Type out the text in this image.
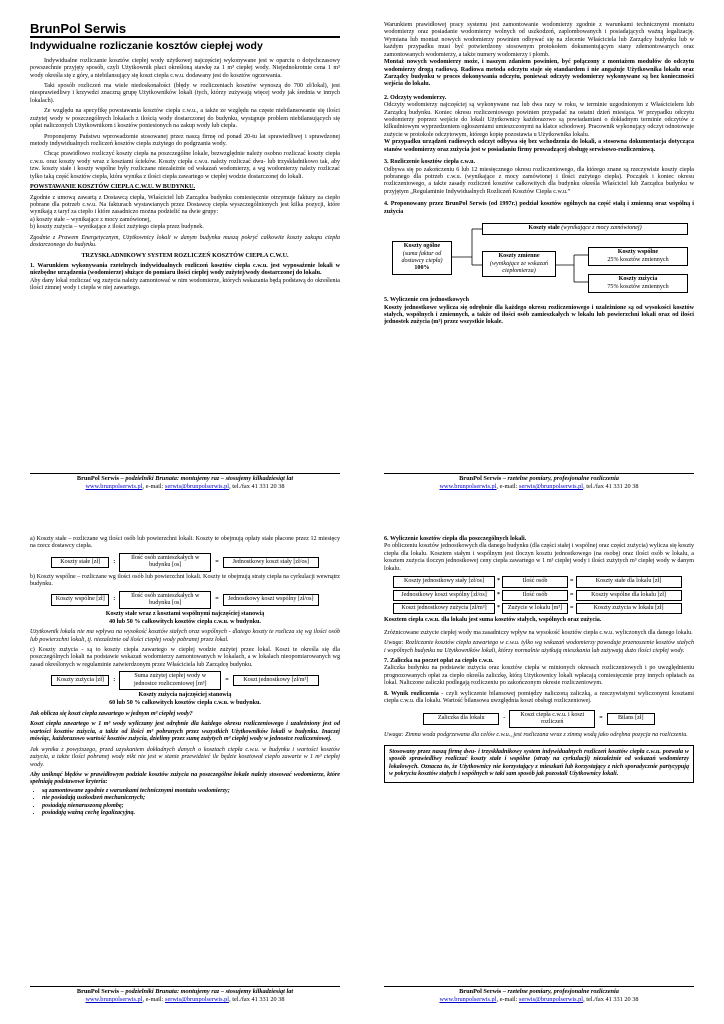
BrunPol Serwis
Indywidualne rozliczanie kosztów ciepłej wody

Indywidualne rozliczanie kosztów ciepłej wody użytkowej najczęściej wykonywane jest w oparciu o dotychczasowy powszechnie przyjęty sposób, czyli Użytkownik płaci określoną stawkę za 1 m³ ciepłej wody. Niejednokrotnie cena 1 m³ wody określa się z góry, a niebilansujący się koszt ciepła c.w.u. dodawany jest do kosztów ogrzewania.

Taki sposób rozliczeń ma wiele niedoskonałości (błędy w rozliczeniach kosztów wynoszą do 700 zł/lokal), jest niesprawiedliwy i krzywdzi znaczną grupę Użytkowników lokali (tych, którzy zużywają więcej wody jak średnia w innych lokalach).

Ze względu na specyfikę powstawania kosztów ciepła c.w.u., a także ze względu na częste niebilansowanie się ilości zużytej wody w poszczególnych lokalach z ilością wody dostarczonej do budynku, wystąpuje problem niebilansujących się opłat naliczonych Użytkownikom i kosztów poniesionych na zakup wody lub ciepła.

Proponujemy Państwu wprowadzenie stosowanej przez naszą firmę od ponad 20-tu lat sprawiedliwej i sprawdzonej metody indywidualnych rozliczeń kosztów ciepła zużytego do podgrzania wody.

Chcąc prawidłowo rozliczyć koszty ciepła na poszczególne lokale, bezwzględnie należy osobno rozliczać koszty ciepła c.w.u. oraz koszty wody wraz z kosztami ścieków. Koszty ciepła c.w.u. należy rozliczać dwu- lub trzyskładnikowo tak, aby tzw. koszty stałe i koszty wspólne były rozliczane niezależnie od wskazań wodomierzy, a wg wodomierzy należy rozliczać tylko taką część kosztów ciepła, która wynika z ilości ciepła zawartego w ciepłej wodzie dostarczonej do lokali.

POWSTAWANIE KOSZTÓW CIEPŁA C.W.U. W BUDYNKU.

Zgodnie z umową zawartą z Dostawcą ciepła, Właściciel lub Zarządca budynku comiesięcznie otrzymuje faktury za ciepło pobrane dla potrzeb c.w.u. Na fakturach wystawianych przez Dostawcę ciepła wyszczególnionych jest kilka pozycji, które wynikają z taryf za ciepło i które zasadniczo można podzielić na dwie grupy:

a) koszty stałe – wynikające z mocy zamówionej,
b) koszty zużycia – wynikające z ilości zużytego ciepła przez budynek.

Zgodnie z Prawem Energetycznym, Użytkownicy lokali w danym budynku muszą pokryć całkowite koszty zakupu ciepła dostarczonego do budynku.

TRZYSKŁADNIKOWY SYSTEM ROZLICZEŃ KOSZTÓW CIEPŁA C.W.U.

1. Warunkiem wykonywania rzetelnych indywidualnych rozliczeń kosztów ciepła c.w.u. jest wyposażenie lokali w niezbędne urządzenia (wodomierze) służące do pomiaru ilości ciepłej wody zużytej/wody dostarczonej do lokalu.

Aby dany lokal rozliczać wg zużycia należy zamontować w nim wodomierze, których wskazania będą podstawą do określenia ilości zimnej wody i ciepła w niej zawartego.

Warunkiem prawidłowej pracy systemu jest zamontowanie wodomierzy zgodnie z warunkami technicznymi montażu wodomierzy oraz posiadanie wodomierzy wolnych od uszkodzeń, zaplombowanych i posiadających ważną legalizację. Wymiana lub montaż nowych wodomierzy powinien odbywać się na zlecenie Właściciela lub Zarządcy budynku lub w każdym przypadku musi być potwierdzony stosownym protokołem dokumentującym stany zdemontowanych oraz zamontowanych wodomierzy, a także numery wodomierzy i plomb.

Montaż nowych wodomierzy może, i naszym zdaniem powinien, być połączony z montażem modułów do odczytu wodomierzy drogą radiową. Radiowa metoda odczytu staje się standardem i nie angażuje Użytkownika lokalu oraz Zarządcy budynku w proces dokonywania odczytu, ponieważ odczyty wodomierzy wykonywane są bez konieczności wejścia do lokalu.

2. Odczyty wodomierzy.

Odczyty wodomierzy najczęściej są wykonywane raz lub dwa razy w roku, w terminie uzgodnionym z Właścicielem lub Zarządcą budynku. Koniec okresu rozliczeniowego powinien przypadać na ostatni dzień miesiąca. W przypadku odczytu wodomierzy poprzez wejście do lokali Użytkownicy każdorazowo są powiadamiani o dokładnym terminie odczytów z kilkudniowym wyprzedzeniem ogłoszeniami umieszczonymi na klatce schodowej. Pracownik wykonujący odczyt odnotowuje zużycie w protokole odczytowym, którego kopię pozostawia u Użytkownika lokalu.

W przypadku urządzeń radiowych odczyt odbywa się bez wchodzenia do lokali, a stosowna dokumentacja dotycząca stanów wodomierzy oraz zużycia jest w posiadaniu firmy prowadzącej obsługę serwisowo-rozliczeniową.

3. Rozliczenie kosztów ciepła c.w.u.

Odbywa się po zakończeniu 6 lub 12 miesięcznego okresu rozliczeniowego, dla którego znane są rzeczywiste koszty ciepła pobranego dla potrzeb c.w.u. (wynikające z mocy zamówionej i ilości zużytego ciepła). Początek i koniec okresu rozliczeniowego, a także zasady rozliczeń kosztów całkowitych dla budynku określa Właściciel lub Zarządca budynku w przyjętym „Regulaminie Indywidualnych Rozliczeń Kosztów Ciepła c.w.u.”

4. Proponowany przez BrunPol Serwis (od 1997r.) podział kosztów ogólnych na część stałą i zmienną oraz wspólną i zużycia

Koszty ogólne
(suma faktur od dostawcy ciepła)
100%
Koszty stałe (wynikające z mocy zamówionej)
Koszty zmienne
(wynikające ze wskazań ciepłomierza)
Koszty wspólne
25% kosztów zmiennych
Koszty zużycia
75% kosztów zmiennych

5. Wyliczenie cen jednostkowych

Koszty jednostkowe wylicza się odrębnie dla każdego okresu rozliczeniowego i uzależnione są od wysokości kosztów stałych, wspólnych i zmiennych, a także od ilości osób zamieszkałych w lokalu lub powierzchni lokali oraz od ilości jednostek zużycia (m³) przez wszystkie lokale.

BrunPol Serwis – podzielniki Brunata: montujemy raz – stosujemy kilkadziesiąt lat
www.brunpolserwis.pl, e-mail: serwis@brunpolserwis.pl, tel./fax 41 331 20 38
BrunPol Serwis – rzetelne pomiary, profesjonalne rozliczenia
www.brunpolserwis.pl, e-mail: serwis@brunpolserwis.pl, tel./fax 41 331 20 38

a) Koszty stałe – rozliczane wg ilości osób lub powierzchni lokali. Koszty te obejmują opłaty stałe płacone przez 12 miesięcy na rzecz dostawcy ciepła.

Koszty stałe [zł]	:
Ilość osób zamieszkałych w budynku [os]
=	Jednostkowy koszt stały [zł/os]

b) Koszty wspólne – rozliczane wg ilości osób lub powierzchni lokali. Koszty te obejmują straty ciepła na cyrkulacji wewnątrz budynku.

Koszty wspólne [zł]	:
Ilość osób zamieszkałych w budynku [os]
=	Jednostkowy koszt wspólny [zł/os]
Koszty stałe wraz z kosztami wspólnymi najczęściej stanowią
40 lub 50 % całkowitych kosztów ciepła c.w.u. w budynku.

Użytkownik lokalu nie ma wpływu na wysokość kosztów stałych oraz wspólnych - dlatego koszty te rozlicza się wg ilości osób lub powierzchni lokali, tj. niezależnie od ilości ciepłej wody pobranej przez lokal.

c) Koszty zużycia - są to koszty ciepła zawartego w ciepłej wodzie zużytej przez lokal. Koszt te określa się dla poszczególnych lokali na podstawie wskazań wodomierzy zamontowanych w lokalach, a w lokalach nieopomiarowanych wg zasad określonych w regulaminie zatwierdzonym przez Właściciela lub Zarządcę budynku.

Koszty zużycia [zł]	:
Suma zużytej ciepłej wody w jednostce rozliczeniowej [m³]
=	Koszt jednostkowy [zł/m³]
Koszty zużycia najczęściej stanowią
60 lub 50 % całkowitych kosztów ciepła c.w.u. w budynku.

Jak oblicza się koszt ciepła zawartego w jednym m³ ciepłej wody?

Koszt ciepła zawartego w 1 m³ wody wyliczany jest odrębnie dla każdego okresu rozliczeniowego i uzależniony jest od wartości kosztów zużycia, a także od ilości m³ pobranych przez wszystkich Użytkowników lokali w budynku. Inaczej mówiąc, każdorazowo wartość kosztów zużycia, dzielimy przez sumę zużytych m³ ciepłej wody w jednostce rozliczeniowej.

Jak wynika z powyższego, przed uzyskaniem dokładnych danych o kosztach ciepła c.w.u. w budynku i wartości kosztów zużycia, a także ilości pobranej wody nikt nie jest w stanie przewidzieć ile będzie kosztował ciepło zawarte w 1 m³ ciepłej wody.

Aby uniknąć błędów w prawidłowym podziale kosztów zużycia na poszczególne lokale należy stosować wodomierze, które spełniają podstawowe kryteria:

• są zamontowane zgodnie z warunkami technicznymi montażu wodomierzy;
• nie posiadają uszkodzeń mechanicznych;
• posiadają nienaruszoną plombę;
• posiadają ważną cechę legalizacyjną.

6. Wyliczenie kosztów ciepła dla poszczególnych lokali.

Po obliczeniu kosztów jednostkowych dla danego budynku (dla części stałej i wspólnej oraz części zużycia) wylicza się koszty ciepła dla lokalu. Kosztem stałym i wspólnym jest iloczyn kosztu jednostkowego (na osobę) oraz ilości osób w lokalu, a kosztem zużycia iloczyn jednostkowej ceny ciepła zawartego w 1 m³ ciepłej wody i ilości zużytych m³ ciepłej wody w danym lokalu.

Koszty jednostkowy stały [zł/os]	*	Ilość osób	=	Koszty stałe dla lokalu [zł]

Jednostkowy koszt wspólny [zł/os]	*	Ilość osób	=	Koszty wspólne dla lokalu [zł]

Koszt jednostkowy zużycia [zł/m³]	*	Zużycie w lokalu [m³]	=	Koszty zużycia w lokalu [zł]

Kosztem ciepła c.w.u. dla lokalu jest suma kosztów stałych, wspólnych oraz zużycia.

Zróżnicowane zużycie ciepłej wody ma zasadniczy wpływ na wysokość kosztów ciepła c.w.u. wyliczonych dla danego lokalu.

Uwaga: Rozliczanie kosztów ciepła zawartego w c.w.u. tylko wg wskazań wodomierzy powoduje przenoszenie kosztów stałych i wspólnych budynku na Użytkowników lokali, którzy normalnie użytkują mieszkania lub zużywają dużo ilości ciepłej wody.

7. Zaliczka na poczet opłat za ciepło c.w.u.

Zaliczka budynku na podstawie zużycia oraz kosztów ciepła w minionych okresach rozliczeniowych i po uwzględnieniu prognozowanych opłat za ciepło określa zaliczkę, którą Użytkownicy lokali wpłacają comiesięcznie przy innych opłatach za lokal. Naliczone zaliczki podlegają rozliczeniu po zakończonym okresie rozliczeniowym.

8. Wynik rozliczenia - czyli wyliczenie bilansowej pomiędzy naliczoną zaliczką, a rzeczywistymi wyliczonymi kosztami ciepła c.w.u. dla lokalu. Wartość bilansowa uwzględnia koszt obsługi rozliczeniowej.

Zaliczka dla lokalu	-
Koszt ciepła c.w.u. i koszt rozliczeń
=	Bilans [zł]

Uwaga: Zimna woda podgrzewana dla celów c.w.u., jest rozliczana wraz z zimną wodą jako odrębna pozycja na rozliczeniu.

Stosowany przez naszą firmę dwu- i trzyskładnikowy system indywidualnych rozliczeń kosztów ciepła c.w.u. pozwala w sposób sprawiedliwy rozliczać koszty stałe i wspólne (straty na cyrkulacji) niezależnie od wskazań wodomierzy lokalowych. Oznacza to, że Użytkownicy nie korzystający z mieszkań lub korzystający z nich sporadycznie partycypują w pokryciu kosztów stałych i wspólnych w taki sam sposób jak pozostali Użytkownicy lokali.
BrunPol Serwis – podzielniki Brunata: montujemy raz – stosujemy kilkadziesiąt lat
www.brunpolserwis.pl, e-mail: serwis@brunpolserwis.pl, tel./fax 41 331 20 38
BrunPol Serwis – rzetelne pomiary, profesjonalne rozliczenia
www.brunpolserwis.pl, e-mail: serwis@brunpolserwis.pl, tel./fax 41 331 20 38
